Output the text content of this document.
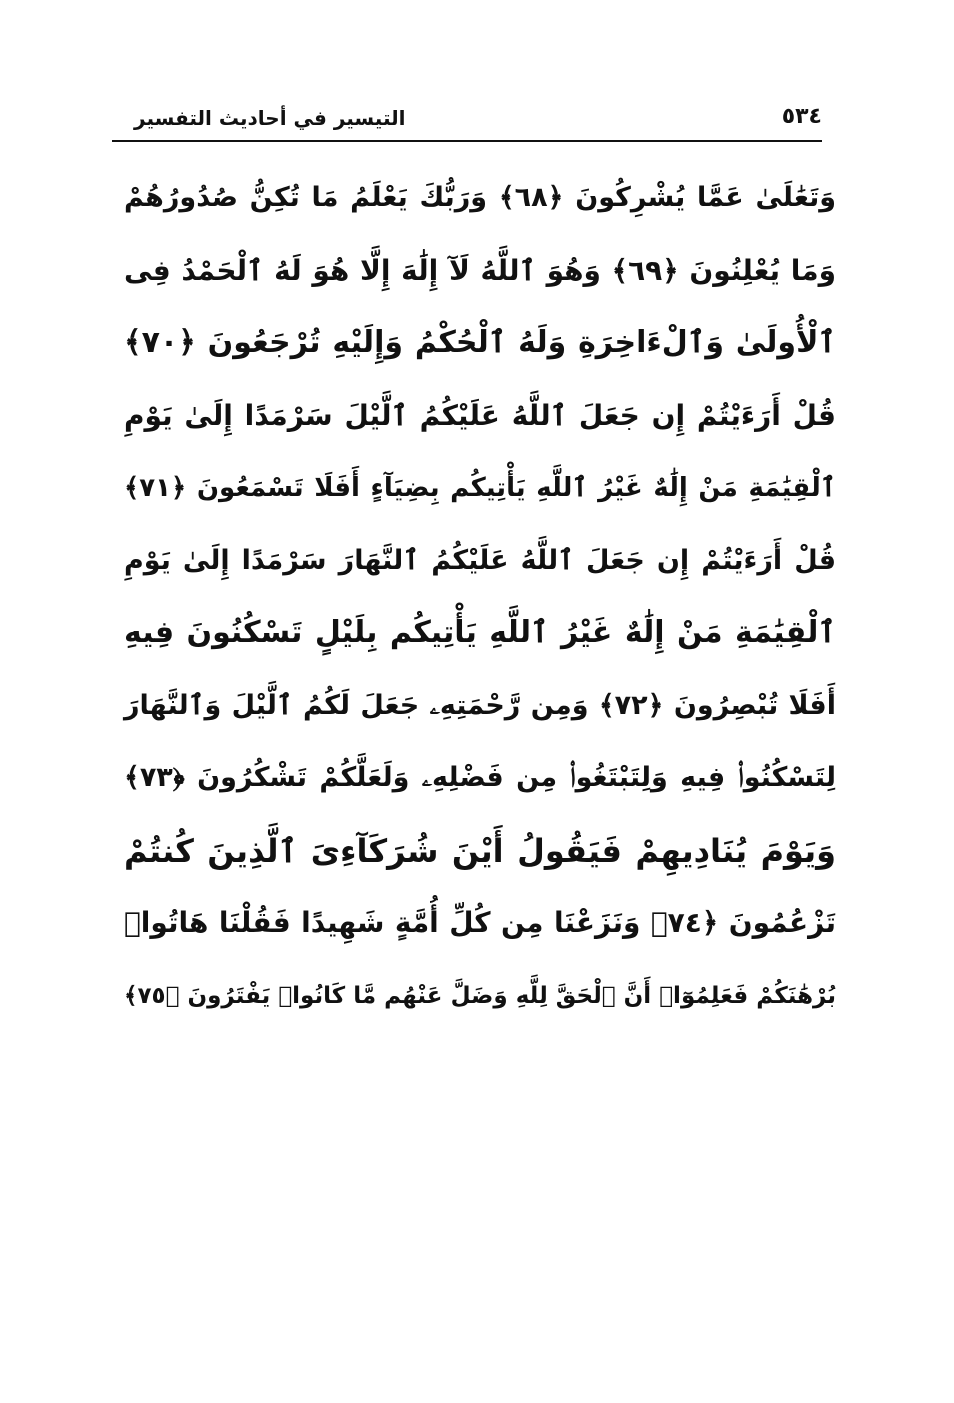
٥٣٤
التيسير في أحاديث التفسير
وَتَعَٰلَىٰ عَمَّا يُشْرِكُونَ ﴿٦٨﴾ وَرَبُّكَ يَعْلَمُ مَا تُكِنُّ صُدُورُهُمْ
وَمَا يُعْلِنُونَ ﴿٦٩﴾ وَهُوَ ٱللَّهُ لَآ إِلَٰهَ إِلَّا هُوَ لَهُ ٱلْحَمْدُ فِى
ٱلْأُولَىٰ وَٱلْءَاخِرَةِ وَلَهُ ٱلْحُكْمُ وَإِلَيْهِ تُرْجَعُونَ ﴿٧٠﴾
قُلْ أَرَءَيْتُمْ إِن جَعَلَ ٱللَّهُ عَلَيْكُمُ ٱلَّيْلَ سَرْمَدًا إِلَىٰ يَوْمِ
ٱلْقِيَٰمَةِ مَنْ إِلَٰهٌ غَيْرُ ٱللَّهِ يَأْتِيكُم بِضِيَآءٍ أَفَلَا تَسْمَعُونَ ﴿٧١﴾
قُلْ أَرَءَيْتُمْ إِن جَعَلَ ٱللَّهُ عَلَيْكُمُ ٱلنَّهَارَ سَرْمَدًا إِلَىٰ يَوْمِ
ٱلْقِيَٰمَةِ مَنْ إِلَٰهٌ غَيْرُ ٱللَّهِ يَأْتِيكُم بِلَيْلٍ تَسْكُنُونَ فِيهِ
أَفَلَا تُبْصِرُونَ ﴿٧٢﴾ وَمِن رَّحْمَتِهِۦ جَعَلَ لَكُمُ ٱلَّيْلَ وَٱلنَّهَارَ
لِتَسْكُنُوا۟ فِيهِ وَلِتَبْتَغُوا۟ مِن فَضْلِهِۦ وَلَعَلَّكُمْ تَشْكُرُونَ ﴿٧٣﴾
وَيَوْمَ يُنَادِيهِمْ فَيَقُولُ أَيْنَ شُرَكَآءِىَ ٱلَّذِينَ كُنتُمْ
تَزْعُمُونَ ﴿٧٤﴾ وَنَزَعْنَا مِن كُلِّ أُمَّةٍ شَهِيدًا فَقُلْنَا هَاتُوا۟
بُرْهَٰنَكُمْ فَعَلِمُوٓا۟ أَنَّ ٱلْحَقَّ لِلَّهِ وَضَلَّ عَنْهُم مَّا كَانُوا۟ يَفْتَرُونَ ﴿٧٥﴾
